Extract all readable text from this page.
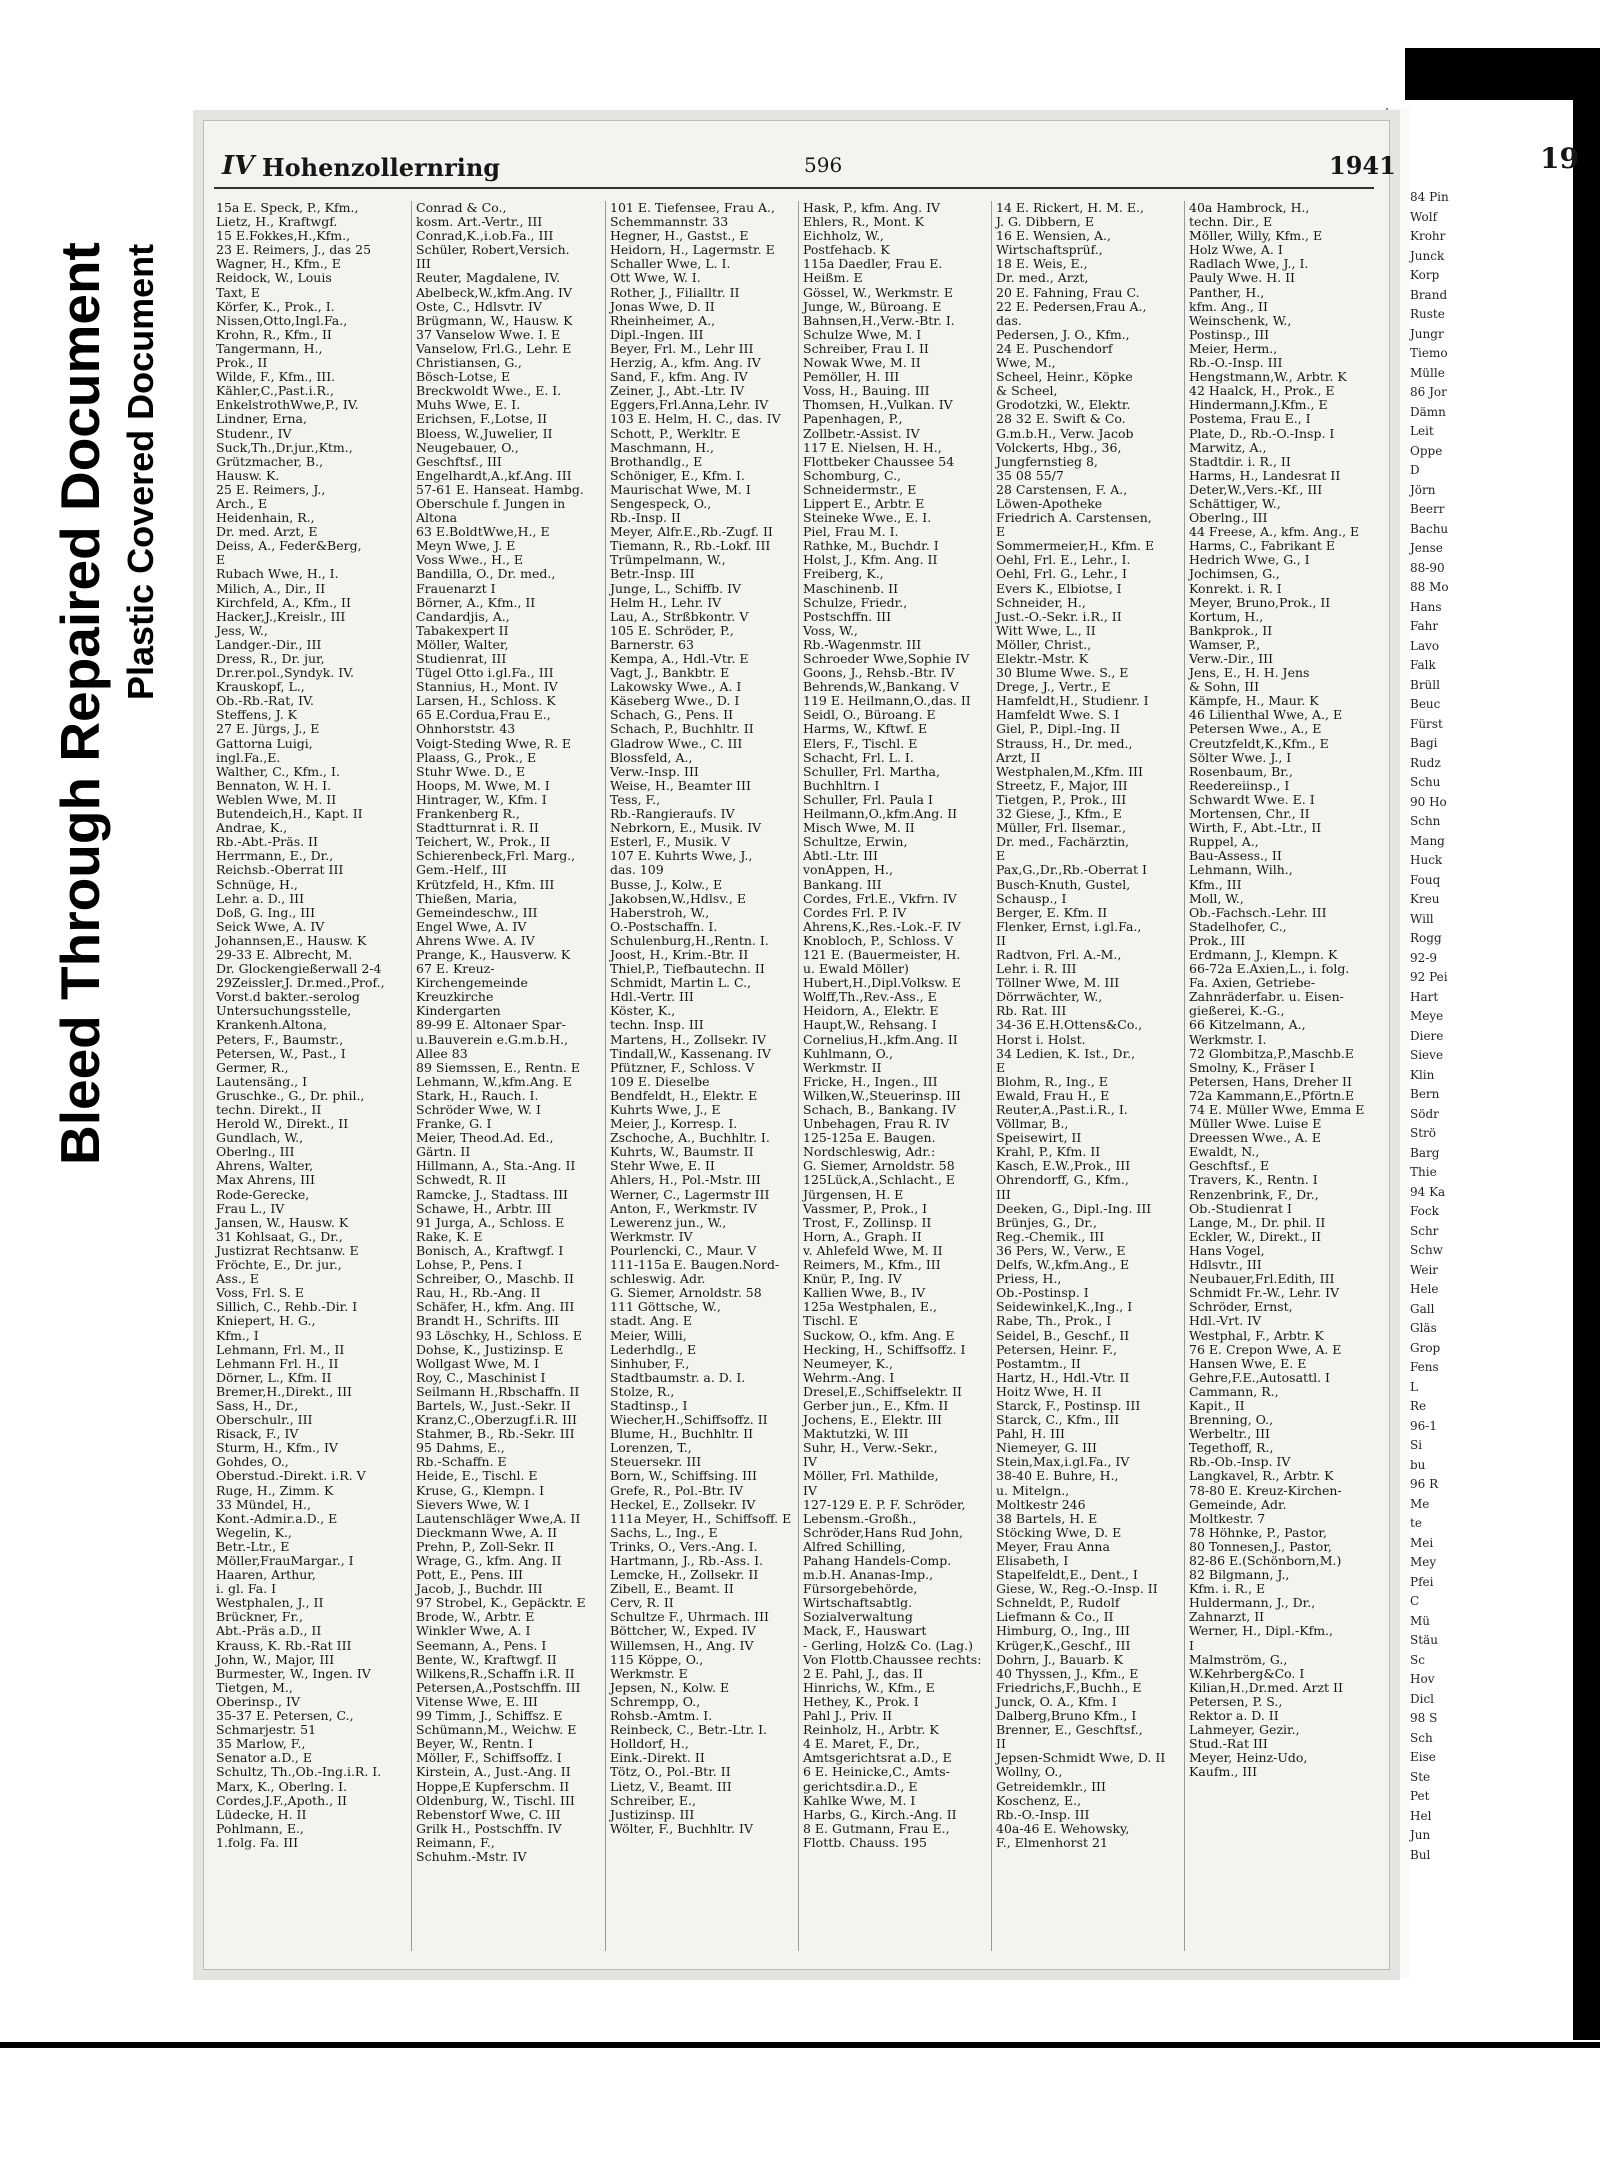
Bleed Through Repaired Document Plastic Covered Document
IV Hohenzollernring	596	1941
15a E. Speck, P., Kfm.,
Lietz, H., Kraftwgf.
15 E.Fokkes,H.,Kfm.,
23 E. Reimers, J., das 25
Wagner, H., Kfm., E
Reidock, W., Louis
Taxt, E
Körfer, K., Prok., I.
Nissen,Otto,Ingl.Fa.,
Krohn, R., Kfm., II
Tangermann, H.,
Prok., II
Wilde, F., Kfm., III.
Kähler,C.,Past.i.R.,
EnkelstrothWwe,P., IV.
Lindner, Erna,
Studenr., IV
Suck,Th.,Dr.jur.,Ktm.,
Grützmacher, B.,
Hausw. K.
25 E. Reimers, J.,
Arch., E
Heidenhain, R.,
Dr. med. Arzt, E
Deiss, A., Feder&Berg,
E
Rubach Wwe, H., I.
Milich, A., Dir., II
Kirchfeld, A., Kfm., II
Hacker,J.,Kreislr., III
Jess, W.,
Landger.-Dir., III
Dress, R., Dr. jur,
Dr.rer.pol.,Syndyk. IV.
Krauskopf, L.,
Ob.-Rb.-Rat, IV.
Steffens, J. K
27 E. Jürgs, J., E
Gattorna Luigi,
ingl.Fa.,E.
Walther, C., Kfm., I.
Bennaton, W. H. I.
Weblen Wwe, M. II
Butendeich,H., Kapt. II
Andrae, K.,
Rb.-Abt.-Präs. II
Herrmann, E., Dr.,
Reichsb.-Oberrat III
Schnüge, H.,
Lehr. a. D., III
Doß, G. Ing., III
Seick Wwe, A. IV
Johannsen,E., Hausw. K
29-33 E. Albrecht, M.
Dr. Glockengießerwall 2-4
29Zeissler,J. Dr.med.,Prof.,
Vorst.d bakter.-serolog
Untersuchungsstelle,
Krankenh.Altona,
Peters, F., Baumstr.,
Petersen, W., Past., I
Germer, R.,
Lautensäng., I
Gruschke., G., Dr. phil.,
techn. Direkt., II
Herold W., Direkt., II
Gundlach, W.,
Oberlng., III
Ahrens, Walter,
Max Ahrens, III
Rode-Gerecke,
Frau L., IV
Jansen, W., Hausw. K
31 Kohlsaat, G., Dr.,
Justizrat Rechtsanw. E
Fröchte, E., Dr. jur.,
Ass., E
Voss, Frl. S. E
Sillich, C., Rehb.-Dir. I
Kniepert, H. G.,
Kfm., I
Lehmann, Frl. M., II
Lehmann Frl. H., II
Dörner, L., Kfm. II
Bremer,H.,Direkt., III
Sass, H., Dr.,
Oberschulr., III
Risack, F., IV
Sturm, H., Kfm., IV
Gohdes, O.,
Oberstud.-Direkt. i.R. V
Ruge, H., Zimm. K
33 Mündel, H.,
Kont.-Admir.a.D., E
Wegelin, K.,
Betr.-Ltr., E
Möller,FrauMargar., I
Haaren, Arthur,
i. gl. Fa. I
Westphalen, J., II
Brückner, Fr.,
Abt.-Präs a.D., II
Krauss, K. Rb.-Rat III
John, W., Major, III
Burmester, W., Ingen. IV
Tietgen, M.,
Oberinsp., IV
35-37 E. Petersen, C.,
Schmarjestr. 51
35 Marlow, F.,
Senator a.D., E
Schultz, Th.,Ob.-Ing.i.R. I.
Marx, K., Oberlng. I.
Cordes,J.F.,Apoth., II
Lüdecke, H. II
Pohlmann, E.,
1.folg. Fa. III
Conrad & Co.,
kosm. Art.-Vertr., III
Conrad,K.,i.ob.Fa., III
Schüler, Robert,Versich.
III
Reuter, Magdalene, IV.
Abelbeck,W.,kfm.Ang. IV
Oste, C., Hdlsvtr. IV
Brügmann, W., Hausw. K
37 Vanselow Wwe. I. E
Vanselow, Frl.G., Lehr. E
Christiansen, G.,
Bösch-Lotse, E
Breckwoldt Wwe., E. I.
Muhs Wwe, E. I.
Erichsen, F.,Lotse, II
Bloess, W.,Juwelier, II
Neugebauer, O.,
Geschftsf., III
Engelhardt,A.,kf.Ang. III
57-61 E. Hanseat. Hambg.
Oberschule f. Jungen in
Altona
63 E.BoldtWwe,H., E
Meyn Wwe, J. E
Voss Wwe., H., E
Bandilla, O., Dr. med.,
Frauenarzt I
Börner, A., Kfm., II
Candardjis, A.,
Tabakexpert II
Möller, Walter,
Studienrat, III
Tügel Otto i.gl.Fa., III
Stannius, H., Mont. IV
Larsen, H., Schloss. K
65 E.Cordua,Frau E.,
Ohnhorststr. 43
Voigt-Steding Wwe, R. E
Plaass, G., Prok., E
Stuhr Wwe. D., E
Hoops, M. Wwe, M. I
Hintrager, W., Kfm. I
Frankenberg R.,
Stadtturnrat i. R. II
Teichert, W., Prok., II
Schierenbeck,Frl. Marg.,
Gem.-Helf., III
Krützfeld, H., Kfm. III
Thießen, Maria,
Gemeindeschw., III
Engel Wwe, A. IV
Ahrens Wwe. A. IV
Prange, K., Hausverw. K
67 E. Kreuz-
Kirchengemeinde
Kreuzkirche
Kindergarten
89-99 E. Altonaer Spar-
u.Bauverein e.G.m.b.H.,
Allee 83
89 Siemssen, E., Rentn. E
Lehmann, W.,kfm.Ang. E
Stark, H., Rauch. I.
Schröder Wwe, W. I
Franke, G. I
Meier, Theod.Ad. Ed.,
Gärtn. II
Hillmann, A., Sta.-Ang. II
Schwedt, R. II
Ramcke, J., Stadtass. III
Schawe, H., Arbtr. III
91 Jurga, A., Schloss. E
Rake, K. E
Bonisch, A., Kraftwgf. I
Lohse, P., Pens. I
Schreiber, O., Maschb. II
Rau, H., Rb.-Ang. II
Schäfer, H., kfm. Ang. III
Brandt H., Schrifts. III
93 Löschky, H., Schloss. E
Dohse, K., Justizinsp. E
Wollgast Wwe, M. I
Roy, C., Maschinist I
Seilmann H.,Rbschaffn. II
Bartels, W., Just.-Sekr. II
Kranz,C.,Oberzugf.i.R. III
Stahmer, B., Rb.-Sekr. III
95 Dahms, E.,
Rb.-Schaffn. E
Heide, E., Tischl. E
Kruse, G., Klempn. I
Sievers Wwe, W. I
Lautenschläger Wwe,A. II
Dieckmann Wwe, A. II
Prehn, P., Zoll-Sekr. II
Wrage, G., kfm. Ang. II
Pott, E., Pens. III
Jacob, J., Buchdr. III
97 Strobel, K., Gepäcktr. E
Brode, W., Arbtr. E
Winkler Wwe, A. I
Seemann, A., Pens. I
Bente, W., Kraftwgf. II
Wilkens,R.,Schaffn i.R. II
Petersen,A.,Postschffn. III
Vitense Wwe, E. III
99 Timm, J., Schiffsz. E
Schümann,M., Weichw. E
Beyer, W., Rentn. I
Möller, F., Schiffsoffz. I
Kirstein, A., Just.-Ang. II
Hoppe,E Kupferschm. II
Oldenburg, W., Tischl. III
Rebenstorf Wwe, C. III
Grilk H., Postschffn. IV
Reimann, F.,
Schuhm.-Mstr. IV
101 E. Tiefensee, Frau A.,
Schemmannstr. 33
Hegner, H., Gastst., E
Heidorn, H., Lagermstr. E
Schaller Wwe, L. I.
Ott Wwe, W. I.
Rother, J., Filialltr. II
Jonas Wwe, D. II
Rheinheimer, A.,
Dipl.-Ingen. III
Beyer, Frl. M., Lehr III
Herzig, A., kfm. Ang. IV
Sand, F., kfm. Ang. IV
Zeiner, J., Abt.-Ltr. IV
Eggers,Frl.Anna,Lehr. IV
103 E. Helm, H. C., das. IV
Schott, P., Werkltr. E
Maschmann, H.,
Brothandlg., E
Schöniger, E., Kfm. I.
Maurischat Wwe, M. I
Sengespeck, O.,
Rb.-Insp. II
Meyer, Alfr.E.,Rb.-Zugf. II
Tiemann, R., Rb.-Lokf. III
Trümpelmann, W.,
Betr.-Insp. III
Junge, L., Schiffb. IV
Helm H., Lehr. IV
Lau, A., Strßbkontr. V
105 E. Schröder, P.,
Barnerstr. 63
Kempa, A., Hdl.-Vtr. E
Vagt, J., Bankbtr. E
Lakowsky Wwe., A. I
Käseberg Wwe., D. I
Schach, G., Pens. II
Schach, P., Buchhltr. II
Gladrow Wwe., C. III
Blossfeld, A.,
Verw.-Insp. III
Weise, H., Beamter III
Tess, F.,
Rb.-Rangieraufs. IV
Nebrkorn, E., Musik. IV
Esterl, F., Musik. V
107 E. Kuhrts Wwe, J.,
das. 109
Busse, J., Kolw., E
Jakobsen,W.,Hdlsv., E
Haberstroh, W.,
O.-Postschaffn. I.
Schulenburg,H.,Rentn. I.
Joost, H., Krim.-Btr. II
Thiel,P., Tiefbautechn. II
Schmidt, Martin L. C.,
Hdl.-Vertr. III
Köster, K.,
techn. Insp. III
Martens, H., Zollsekr. IV
Tindall,W., Kassenang. IV
Pfützner, F., Schloss. V
109 E. Dieselbe
Bendfeldt, H., Elektr. E
Kuhrts Wwe, J., E
Meier, J., Korresp. I.
Zschoche, A., Buchhltr. I.
Kuhrts, W., Baumstr. II
Stehr Wwe, E. II
Ahlers, H., Pol.-Mstr. III
Werner, C., Lagermstr III
Anton, F., Werkmstr. IV
Lewerenz jun., W.,
Werkmstr. IV
Pourlencki, C., Maur. V
111-115a E. Baugen.Nord-
schleswig. Adr.
G. Siemer, Arnoldstr. 58
111 Göttsche, W.,
stadt. Ang. E
Meier, Willi,
Lederhdlg., E
Sinhuber, F.,
Stadtbaumstr. a. D. I.
Stolze, R.,
Stadtinsp., I
Wiecher,H.,Schiffsoffz. II
Blume, H., Buchhltr. II
Lorenzen, T.,
Steuersekr. III
Born, W., Schiffsing. III
Grefe, R., Pol.-Btr. IV
Heckel, E., Zollsekr. IV
111a Meyer, H., Schiffsoff. E
Sachs, L., Ing., E
Trinks, O., Vers.-Ang. I.
Hartmann, J., Rb.-Ass. I.
Lemcke, H., Zollsekr. II
Zibell, E., Beamt. II
Cerv, R. II
Schultze F., Uhrmach. III
Böttcher, W., Exped. IV
Willemsen, H., Ang. IV
115 Köppe, O.,
Werkmstr. E
Jepsen, N., Kolw. E
Schrempp, O.,
Rohsb.-Amtm. I.
Reinbeck, C., Betr.-Ltr. I.
Holldorf, H.,
Eink.-Direkt. II
Tötz, O., Pol.-Btr. II
Lietz, V., Beamt. III
Schreiber, E.,
Justizinsp. III
Wölter, F., Buchhltr. IV
Hask, P., kfm. Ang. IV
Ehlers, R., Mont. K
Eichholz, W.,
Postfehacb. K
115a Daedler, Frau E.
Heißm. E
Gössel, W., Werkmstr. E
Junge, W., Büroang. E
Bahnsen,H.,Verw.-Btr. I.
Schulze Wwe, M. I
Schreiber, Frau I. II
Nowak Wwe, M. II
Pemöller, H. III
Voss, H., Bauing. III
Thomsen, H.,Vulkan. IV
Papenhagen, P.,
Zollbetr.-Assist. IV
117 E. Nielsen, H. H.,
Flottbeker Chaussee 54
Schomburg, C.,
Schneidermstr., E
Lippert E., Arbtr. E
Steineke Wwe., E. I.
Piel, Frau M. I.
Rathke, M., Buchdr. I
Holst, J., Kfm. Ang. II
Freiberg, K.,
Maschinenb. II
Schulze, Friedr.,
Postschffn. III
Voss, W.,
Rb.-Wagenmstr. III
Schroeder Wwe,Sophie IV
Goons, J., Rehsb.-Btr. IV
Behrends,W.,Bankang. V
119 E. Heilmann,O.,das. II
Seidl, O., Büroang. E
Harms, W., Kftwf. E
Elers, F., Tischl. E
Schacht, Frl. L. I.
Schuller, Frl. Martha,
Buchhltrn. I
Schuller, Frl. Paula I
Heilmann,O.,kfm.Ang. II
Misch Wwe, M. II
Schultze, Erwin,
Abtl.-Ltr. III
vonAppen, H.,
Bankang. III
Cordes, Frl.E., Vkfrn. IV
Cordes Frl. P. IV
Ahrens,K.,Res.-Lok.-F. IV
Knobloch, P., Schloss. V
121 E. (Bauermeister, H.
u. Ewald Möller)
Hubert,H.,Dipl.Volksw. E
Wolff,Th.,Rev.-Ass., E
Heidorn, A., Elektr. E
Haupt,W., Rehsang. I
Cornelius,H.,kfm.Ang. II
Kuhlmann, O.,
Werkmstr. II
Fricke, H., Ingen., III
Wilken,W.,Steuerinsp. III
Schach, B., Bankang. IV
Unbehagen, Frau R. IV
125-125a E. Baugen.
Nordschleswig, Adr.:
G. Siemer, Arnoldstr. 58
125Lück,A.,Schlacht., E
Jürgensen, H. E
Vassmer, P., Prok., I
Trost, F., Zollinsp. II
Horn, A., Graph. II
v. Ahlefeld Wwe, M. II
Reimers, M., Kfm., III
Knür, P., Ing. IV
Kallien Wwe, B., IV
125a Westphalen, E.,
Tischl. E
Suckow, O., kfm. Ang. E
Hecking, H., Schiffsoffz. I
Neumeyer, K.,
Wehrm.-Ang. I
Dresel,E.,Schiffselektr. II
Gerber jun., E., Kfm. II
Jochens, E., Elektr. III
Maktutzki, W. III
Suhr, H., Verw.-Sekr.,
IV
Möller, Frl. Mathilde,
IV
127-129 E. P. F. Schröder,
Lebensm.-Großh.,
Schröder,Hans Rud John,
Alfred Schilling,
Pahang Handels-Comp.
m.b.H. Ananas-Imp.,
Fürsorgebehörde,
Wirtschaftsabtlg.
Sozialverwaltung
Mack, F., Hauswart
- Gerling, Holz& Co. (Lag.)
Von Flottb.Chaussee rechts:
2 E. Pahl, J., das. II
Hinrichs, W., Kfm., E
Hethey, K., Prok. I
Pahl J., Priv. II
Reinholz, H., Arbtr. K
4 E. Maret, F., Dr.,
Amtsgerichtsrat a.D., E
6 E. Heinicke,C., Amts-
gerichtsdir.a.D., E
Kahlke Wwe, M. I
Harbs, G., Kirch.-Ang. II
8 E. Gutmann, Frau E.,
Flottb. Chauss. 195
14 E. Rickert, H. M. E.,
J. G. Dibbern, E
16 E. Wensien, A.,
Wirtschaftsprüf.,
18 E. Weis, E.,
Dr. med., Arzt,
20 E. Fahning, Frau C.
22 E. Pedersen,Frau A.,
das.
Pedersen, J. O., Kfm.,
24 E. Puschendorf
Wwe, M.,
Scheel, Heinr., Köpke
& Scheel,
Grodotzki, W., Elektr.
28 32 E. Swift & Co.
G.m.b.H., Verw. Jacob
Volckerts, Hbg., 36,
Jungfernstieg 8,
35 08 55/7
28 Carstensen, F. A.,
Löwen-Apotheke
Friedrich A. Carstensen,
E
Sommermeier,H., Kfm. E
Oehl, Frl. E., Lehr., I.
Oehl, Frl. G., Lehr., I
Evers K., Elbiotse, I
Schneider, H.,
Just.-O.-Sekr. i.R., II
Witt Wwe, L., II
Möller, Christ.,
Elektr.-Mstr. K
30 Blume Wwe. S., E
Drege, J., Vertr., E
Hamfeldt,H., Studienr. I
Hamfeldt Wwe. S. I
Giel, P., Dipl.-Ing. II
Strauss, H., Dr. med.,
Arzt, II
Westphalen,M.,Kfm. III
Streetz, F., Major, III
Tietgen, P., Prok., III
32 Giese, J., Kfm., E
Müller, Frl. Ilsemar.,
Dr. med., Fachärztin,
E
Pax,G.,Dr.,Rb.-Oberrat I
Busch-Knuth, Gustel,
Schausp., I
Berger, E. Kfm. II
Flenker, Ernst, i.gl.Fa.,
II
Radtvon, Frl. A.-M.,
Lehr. i. R. III
Töllner Wwe, M. III
Dörrwächter, W.,
Rb. Rat. III
34-36 E.H.Ottens&Co.,
Horst i. Holst.
34 Ledien, K. Ist., Dr.,
E
Blohm, R., Ing., E
Ewald, Frau H., E
Reuter,A.,Past.i.R., I.
Völlmar, B.,
Speisewirt, II
Krahl, P., Kfm. II
Kasch, E.W.,Prok., III
Ohrendorff, G., Kfm.,
III
Deeken, G., Dipl.-Ing. III
Brünjes, G., Dr.,
Reg.-Chemik., III
36 Pers, W., Verw., E
Delfs, W.,kfm.Ang., E
Priess, H.,
Ob.-Postinsp. I
Seidewinkel,K.,Ing., I
Rabe, Th., Prok., I
Seidel, B., Geschf., II
Petersen, Heinr. F.,
Postamtm., II
Hartz, H., Hdl.-Vtr. II
Hoitz Wwe, H. II
Starck, F., Postinsp. III
Starck, C., Kfm., III
Pahl, H. III
Niemeyer, G. III
Stein,Max,i.gl.Fa., IV
38-40 E. Buhre, H.,
u. Mitelgn.,
Moltkestr 246
38 Bartels, H. E
Stöcking Wwe, D. E
Meyer, Frau Anna
Elisabeth, I
Stapelfeldt,E., Dent., I
Giese, W., Reg.-O.-Insp. II
Schneldt, P., Rudolf
Liefmann & Co., II
Himburg, O., Ing., III
Krüger,K.,Geschf., III
Dohrn, J., Bauarb. K
40 Thyssen, J., Kfm., E
Friedrichs,F.,Buchh., E
Junck, O. A., Kfm. I
Dalberg,Bruno Kfm., I
Brenner, E., Geschftsf.,
II
Jepsen-Schmidt Wwe, D. II
Wollny, O.,
Getreidemklr., III
Koschenz, E.,
Rb.-O.-Insp. III
40a-46 E. Wehowsky,
F., Elmenhorst 21
40a Hambrock, H.,
techn. Dir., E
Möller, Willy, Kfm., E
Holz Wwe, A. I
Radlach Wwe, J., I.
Pauly Wwe. H. II
Panther, H.,
kfm. Ang., II
Weinschenk, W.,
Postinsp., III
Meier, Herm.,
Rb.-O.-Insp. III
Hengstmann,W., Arbtr. K
42 Haalck, H., Prok., E
Hindermann,J.Kfm., E
Postema, Frau E., I
Plate, D., Rb.-O.-Insp. I
Marwitz, A.,
Stadtdir. i. R., II
Harms, H., Landesrat II
Deter,W.,Vers.-Kf., III
Schättiger, W.,
Oberlng., III
44 Freese, A., kfm. Ang., E
Harms, C., Fabrikant E
Hedrich Wwe, G., I
Jochimsen, G.,
Konrekt. i. R. I
Meyer, Bruno,Prok., II
Kortum, H.,
Bankprok., II
Wamser, P.,
Verw.-Dir., III
Jens, E., H. H. Jens
& Sohn, III
Kämpfe, H., Maur. K
46 Lilienthal Wwe, A., E
Petersen Wwe., A., E
Creutzfeldt,K.,Kfm., E
Sölter Wwe. J., I
Rosenbaum, Br.,
Reedereiinsp., I
Schwardt Wwe. E. I
Mortensen, Chr., II
Wirth, F., Abt.-Ltr., II
Ruppel, A.,
Bau-Assess., II
Lehmann, Wilh.,
Kfm., III
Moll, W.,
Ob.-Fachsch.-Lehr. III
Stadelhofer, C.,
Prok., III
Erdmann, J., Klempn. K
66-72a E.Axien,L., i. folg.
Fa. Axien, Getriebe-
Zahnräderfabr. u. Eisen-
gießerei, K.-G.,
66 Kitzelmann, A.,
Werkmstr. I.
72 Glombitza,P.,Maschb.E
Smolny, K., Fräser I
Petersen, Hans, Dreher II
72a Kammann,E.,Pförtn.E
74 E. Müller Wwe, Emma E
Müller Wwe. Luise E
Dreessen Wwe., A. E
Ewaldt, N.,
Geschftsf., E
Travers, K., Rentn. I
Renzenbrink, F., Dr.,
Ob.-Studienrat I
Lange, M., Dr. phil. II
Eckler, W., Direkt., II
Hans Vogel,
Hdlsvtr., III
Neubauer,Frl.Edith, III
Schmidt Fr.-W., Lehr. IV
Schröder, Ernst,
Hdl.-Vrt. IV
Westphal, F., Arbtr. K
76 E. Crepon Wwe, A. E
Hansen Wwe, E. E
Gehre,F.E.,Autosattl. I
Cammann, R.,
Kapit., II
Brenning, O.,
Werbeltr., III
Tegethoff, R.,
Rb.-Ob.-Insp. IV
Langkavel, R., Arbtr. K
78-80 E. Kreuz-Kirchen-
Gemeinde, Adr.
Moltkestr. 7
78 Höhnke, P., Pastor,
80 Tonnesen,J., Pastor,
82-86 E.(Schönborn,M.)
82 Bilgmann, J.,
Kfm. i. R., E
Huldermann, J., Dr.,
Zahnarzt, II
Werner, H., Dipl.-Kfm.,
I
Malmström, G.,
W.Kehrberg&Co. I
Kilian,H.,Dr.med. Arzt II
Petersen, P. S.,
Rektor a. D. II
Lahmeyer, Gezir.,
Stud.-Rat III
Meyer, Heinz-Udo,
Kaufm., III
19
84 Pin
Wolf
Krohr
Junck
Korp
Brand
Ruste
Jungr
Tiemo
Mülle
86 Jor
Dämn
Leit
Oppe
D
Jörn
Beerr
Bachu
Jense
88-90
88 Mo
Hans
Fahr
Lavo
Falk
Brüll
Beuc
Fürst
Bagi
Rudz
Schu
90 Ho
Schn
Mang
Huck
Fouq
Kreu
Will
Rogg
92-9
92 Pei
Hart
Meye
Diere
Sieve
Klin
Bern
Södr
Strö
Barg
Thie
94 Ka
Fock
Schr
Schw
Weir
Hele
Gall
Gläs
Grop
Fens
L
Re
96-1
Si
bu
96 R
Me
te
Mei
Mey
Pfei
C
Mü
Stäu
Sc
Hov
Dicl
98 S
Sch
Eise
Ste
Pet
Hel
Jun
Bul
